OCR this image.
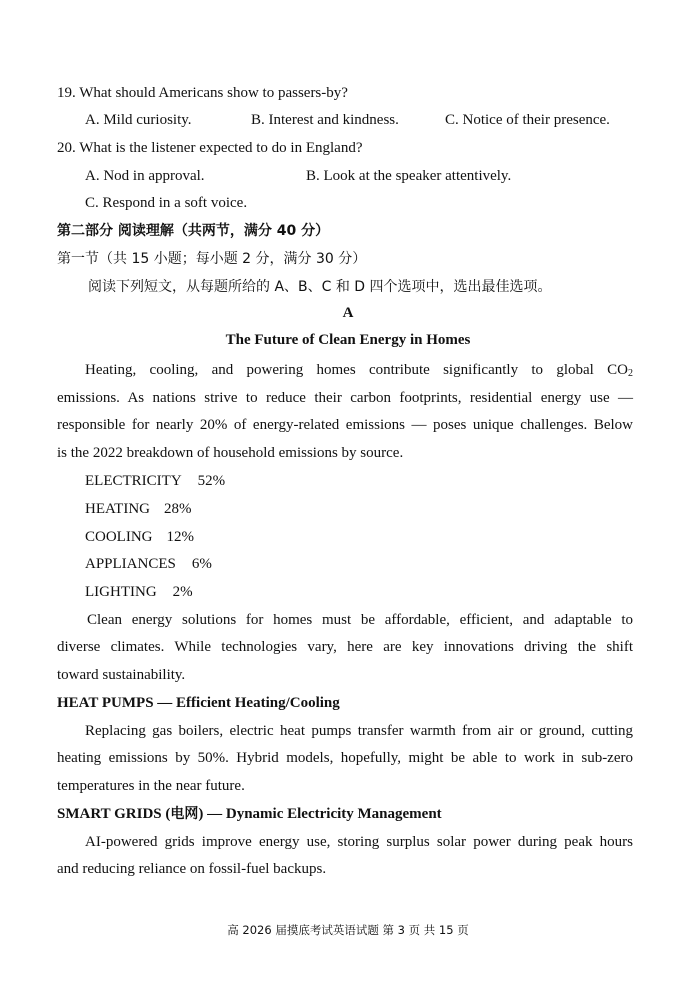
19. What should Americans show to passers-by?
A. Mild curiosity.	B. Interest and kindness.	C. Notice of their presence.
20. What is the listener expected to do in England?
A. Nod in approval.	B. Look at the speaker attentively.
C. Respond in a soft voice.
第二部分 阅读理解（共两节，满分 40 分）
第一节（共 15 小题；每小题 2 分，满分 30 分）
阅读下列短文，从每题所给的 A、B、C 和 D 四个选项中，选出最佳选项。
A
The Future of Clean Energy in Homes
Heating, cooling, and powering homes contribute significantly to global $CO_2$
emissions. As nations strive to reduce their carbon footprints, residential energy use —
responsible for nearly 20% of energy-related emissions — poses unique challenges. Below
is the 2022 breakdown of household emissions by source.
ELECTRICITY 52%
HEATING 28%
COOLING 12%
APPLIANCES 6%
LIGHTING 2%
Clean energy solutions for homes must be affordable, efficient, and adaptable to
diverse climates. While technologies vary, here are key innovations driving the shift
toward sustainability.
HEAT PUMPS — Efficient Heating/Cooling
Replacing gas boilers, electric heat pumps transfer warmth from air or ground, cutting
heating emissions by 50%. Hybrid models, hopefully, might be able to work in sub-zero
temperatures in the near future.
SMART GRIDS (电网) — Dynamic Electricity Management
AI-powered grids improve energy use, storing surplus solar power during peak hours
and reducing reliance on fossil-fuel backups.
高 2026 届摸底考试英语试题 第 3 页 共 15 页
